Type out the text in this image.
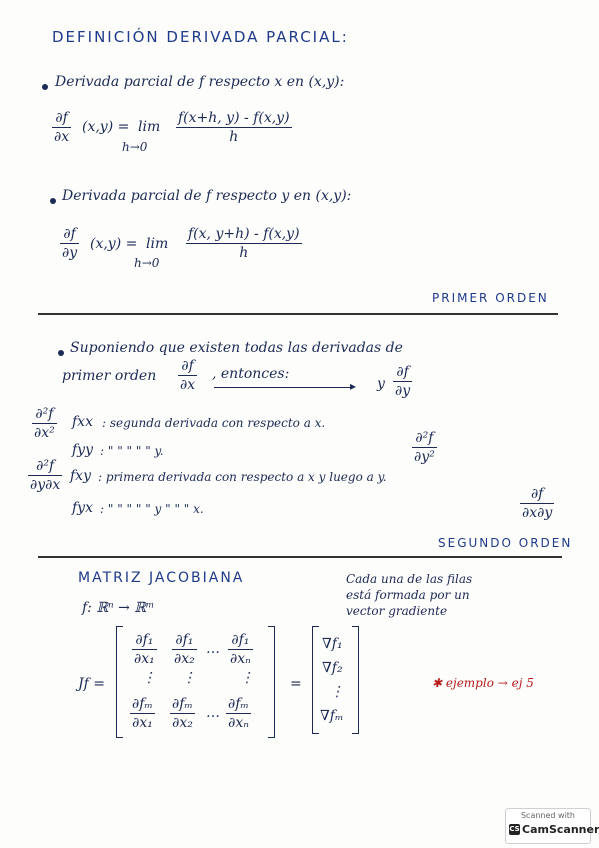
DEFINICIÓN DERIVADA PARCIAL:
Derivada parcial de f respecto x en (x,y):
∂f
∂x
(x,y) = lim
h→0
f(x+h, y) - f(x,y)
h
Derivada parcial de f respecto y en (x,y):
∂f
∂y
(x,y) = lim
h→0
f(x, y+h) - f(x,y)
h
PRIMER ORDEN
Suponiendo que existen todas las derivadas de
primer orden
∂f
∂x
, entonces:
▸ y
∂f
∂y
∂²f
∂x²
fxx : segunda derivada con respecto a x.
fyy : " " " " " y.
∂²f
∂y²
∂²f
∂y∂x
fxy : primera derivada con respecto a x y luego a y.
fyx : " " " " " y " " " x.
∂f
∂x∂y
SEGUNDO ORDEN
MATRIZ JACOBIANA	Cada una de las filas
está formada por un
vector gradiente
f: ℝⁿ → ℝᵐ
Jf =
∂f₁
∂x₁
∂f₁
∂x₂
…
∂f₁
∂xₙ
⋮ ⋮	⋮
∂fₘ
∂x₁
∂fₘ
∂x₂
…
∂fₘ
∂xₙ
=
∇f₁
∇f₂
⋮
∇fₘ
✱ ejemplo → ej 5
Scanned with
CS CamScanner
